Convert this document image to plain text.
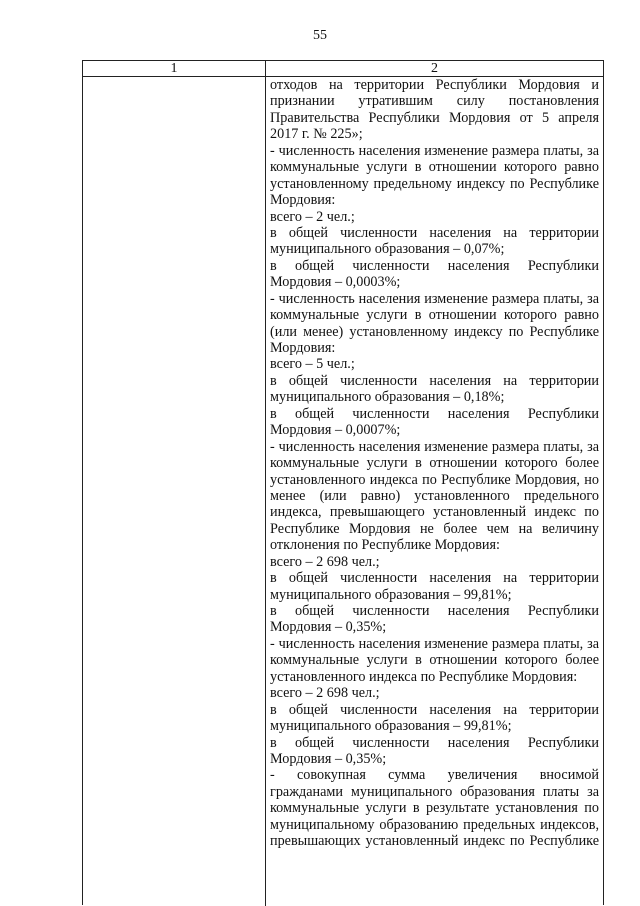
55
1	2
отходов на территории Республики Мордовия и
признании утратившим силу постановления
Правительства Республики Мордовия от 5 апреля
2017 г. № 225»;
- численность населения изменение размера платы, за
коммунальные услуги в отношении которого равно
установленному предельному индексу по Республике
Мордовия:
всего – 2 чел.;
в общей численности населения на территории
муниципального образования – 0,07%;
в общей численности населения Республики
Мордовия – 0,0003%;
- численность населения изменение размера платы, за
коммунальные услуги в отношении которого равно
(или менее) установленному индексу по Республике
Мордовия:
всего – 5 чел.;
в общей численности населения на территории
муниципального образования – 0,18%;
в общей численности населения Республики
Мордовия – 0,0007%;
- численность населения изменение размера платы, за
коммунальные услуги в отношении которого более
установленного индекса по Республике Мордовия, но
менее (или равно) установленного предельного
индекса, превышающего установленный индекс по
Республике Мордовия не более чем на величину
отклонения по Республике Мордовия:
всего – 2 698 чел.;
в общей численности населения на территории
муниципального образования – 99,81%;
в общей численности населения Республики
Мордовия – 0,35%;
- численность населения изменение размера платы, за
коммунальные услуги в отношении которого более
установленного индекса по Республике Мордовия:
всего – 2 698 чел.;
в общей численности населения на территории
муниципального образования – 99,81%;
в общей численности населения Республики
Мордовия – 0,35%;
- совокупная сумма увеличения вносимой
гражданами муниципального образования платы за
коммунальные услуги в результате установления по
муниципальному образованию предельных индексов,
превышающих установленный индекс по Республике
